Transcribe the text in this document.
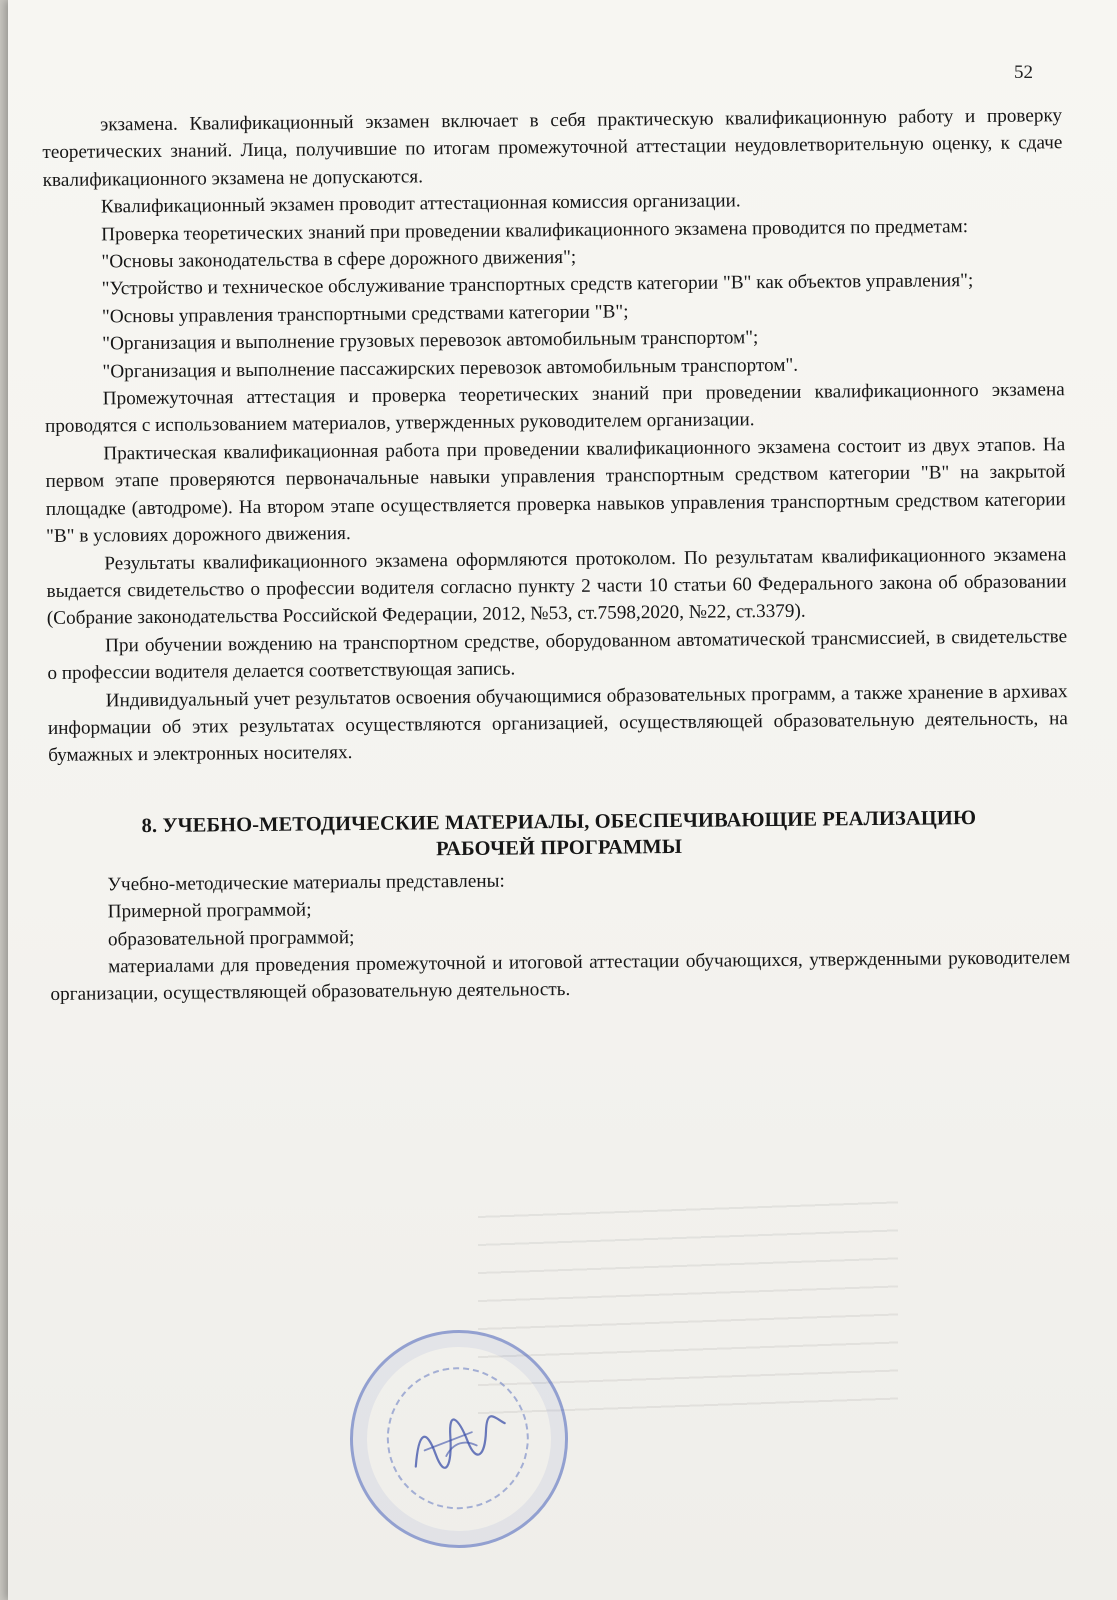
52

экзамена. Квалификационный экзамен включает в себя практическую квалификационную работу и проверку теоретических знаний. Лица, получившие по итогам промежуточной аттестации неудовлетворительную оценку, к сдаче квалификационного экзамена не допускаются.

Квалификационный экзамен проводит аттестационная комиссия организации.

Проверка теоретических знаний при проведении квалификационного экзамена проводится по предметам:

"Основы законодательства в сфере дорожного движения";

"Устройство и техническое обслуживание транспортных средств категории "B" как объектов управления";

"Основы управления транспортными средствами категории "B";

"Организация и выполнение грузовых перевозок автомобильным транспортом";

"Организация и выполнение пассажирских перевозок автомобильным транспортом".

Промежуточная аттестация и проверка теоретических знаний при проведении квалификационного экзамена проводятся с использованием материалов, утвержденных руководителем организации.

Практическая квалификационная работа при проведении квалификационного экзамена состоит из двух этапов. На первом этапе проверяются первоначальные навыки управления транспортным средством категории "B" на закрытой площадке (автодроме). На втором этапе осуществляется проверка навыков управления транспортным средством категории "B" в условиях дорожного движения.

Результаты квалификационного экзамена оформляются протоколом. По результатам квалификационного экзамена выдается свидетельство о профессии водителя согласно пункту 2 части 10 статьи 60 Федерального закона об образовании (Собрание законодательства Российской Федерации, 2012, №53, ст.7598,2020, №22, ст.3379).

При обучении вождению на транспортном средстве, оборудованном автоматической трансмиссией, в свидетельстве о профессии водителя делается соответствующая запись.

Индивидуальный учет результатов освоения обучающимися образовательных программ, а также хранение в архивах информации об этих результатах осуществляются организацией, осуществляющей образовательную деятельность, на бумажных и электронных носителях.

8. УЧЕБНО-МЕТОДИЧЕСКИЕ МАТЕРИАЛЫ, ОБЕСПЕЧИВАЮЩИЕ РЕАЛИЗАЦИЮ
РАБОЧЕЙ ПРОГРАММЫ

Учебно-методические материалы представлены:

Примерной программой;

образовательной программой;

материалами для проведения промежуточной и итоговой аттестации обучающихся, утвержденными руководителем организации, осуществляющей образовательную деятельность.
